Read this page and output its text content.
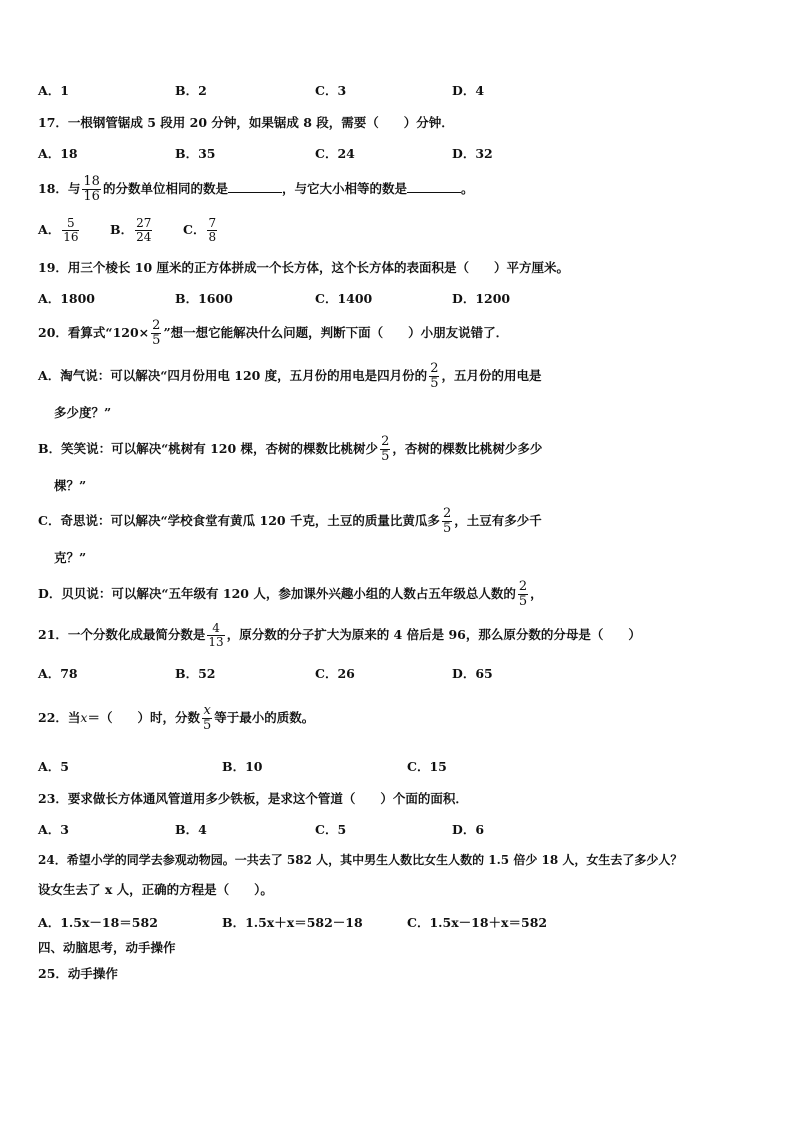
A．1	B．2	C．3	D．4
17．一根钢管锯成 5 段用 20 分钟，如果锯成 8 段，需要（　　）分钟．
A．18	B．35	C．24	D．32
18．与 $\frac{18}{16}$ 的分数单位相同的数是	，与它大小相等的数是	。
A． $\frac{5}{16}$ B． $\frac{27}{24}$ C． $\frac{7}{8}$
19．用三个棱长 10 厘米的正方体拼成一个长方体，这个长方体的表面积是（　　）平方厘米。
A．1800	B．1600	C．1400	D．1200
20．看算式“$120\times \frac{2}{5}$ ”想一想它能解决什么问题，判断下面（　　）小朋友说错了．
A．淘气说：可以解决“四月份用电 120 度，五月份的用电是四月份的 $\frac{2}{5}$ ，五月份的用电是
多少度？”
B．笑笑说：可以解决“桃树有 120 棵，杏树的棵数比桃树少 $\frac{2}{5}$ ，杏树的棵数比桃树少多少
棵？”
C．奇思说：可以解决“学校食堂有黄瓜 120 千克，土豆的质量比黄瓜多 $\frac{2}{5}$ ，土豆有多少千
克？”
D．贝贝说：可以解决“五年级有 120 人，参加课外兴趣小组的人数占五年级总人数的 $\frac{2}{5}$ ，
21．一个分数化成最简分数是 $\frac{4}{13}$ ，原分数的分子扩大为原来的 4 倍后是 96，那么原分数的分母是（　　）
A．78	B．52	C．26	D．65
22．当x＝（　　）时，分数 $\frac{x}{5}$ 等于最小的质数。
A．5	B．10	C．15
23．要求做长方体通风管道用多少铁板，是求这个管道（　　）个面的面积．
A．3	B．4	C．5	D．6
24．希望小学的同学去参观动物园。一共去了 582 人，其中男生人数比女生人数的 1.5 倍少 18 人，女生去了多少人？
设女生去了 x 人，正确的方程是（　　）。
A．1.5x－18＝582	B．1.5x＋x＝582－18	C．1.5x－18＋x＝582
四、动脑思考，动手操作
25．动手操作
